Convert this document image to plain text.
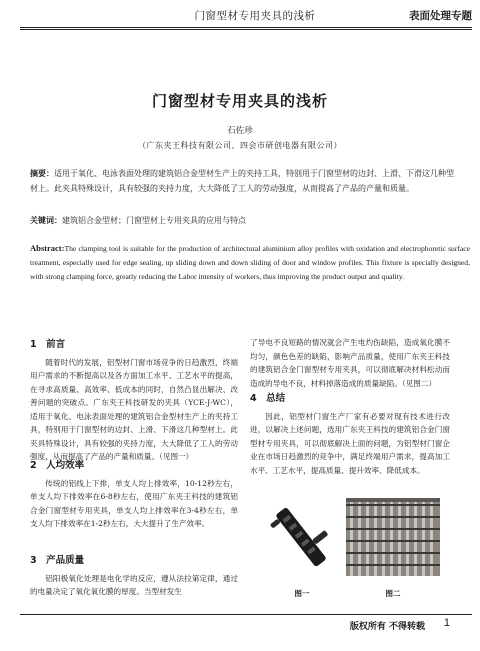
门窗型材专用夹具的浅析	表面处理专题
门窗型材专用夹具的浅析
石佐珍
（广东夹王科技有限公司、四会市研创电器有限公司）
摘要：适用于氧化、电泳表面处理的建筑铝合金型材生产上的夹持工具，特别用于门窗型材的边封、上滑、下滑这几种型材上。此夹具特殊设计，具有较强的夹持力度，大大降低了工人的劳动强度，从而提高了产品的产量和质量。
关键词：建筑铝合金型材；门窗型材上专用夹具的应用与特点
Abstract:The clamping tool is suitable for the production of architectural aluminium alloy profiles with oxidation and electrophoretic surface treatment, especially used for edge sealing, up sliding down and down sliding of door and window profiles. This fixture is specially designed, with strong clamping force, greatly reducing the Labor intensity of workers, thus improving the product output and quality.
1　前言

随着时代的发展，铝型材门窗市场竞争的日趋激烈，终端用户需求的不断提高以及各方面加工水平、工艺水平的提高，在寻求高质量、高效率、低成本的同时，自然凸显出解决、改善问题的突破点。广东夹王科技研发的夹具（YCE-J-WC），适用于氧化、电泳表面处理的建筑铝合金型材生产上的夹持工具，特别用于门窗型材的边封、上滑、下滑这几种型材上。此夹具特殊设计，具有较强的夹持力度，大大降低了工人的劳动强度，从而提高了产品的产量和质量。（见图一）

2　人均效率

传统的铝线上下排，单支人均上排效率，10-12秒左右，单支人均下排效率在6-8秒左右，使用广东夹王科技的建筑铝合金门窗型材专用夹具，单支人均上排效率在3-4秒左右，单支人均下排效率在1-2秒左右，大大提升了生产效率。

3　产品质量

铝阳极氧化处理是电化学的反应，遵从法拉第定律，通过的电量决定了氧化氧化膜的厚度。当型材发生

了导电不良短路的情况就会产生电灼伤缺陷，造成氧化膜不均匀，颜色色差的缺陷，影响产品质量，使用广东夹王科技的建筑铝合金门窗型材专用夹具，可以彻底解决材料松动而造成的导电不良，材料掉落造成的质量缺陷。（见图二）

4　总结

因此，铝型材门窗生产厂家有必要对现有技术进行改进，以解决上述问题，选用广东夹王科技的建筑铝合金门窗型材专用夹具，可以彻底解决上面的问题，为铝型材门窗企业在市场日趋激烈的竞争中，满足终端用户需求，提高加工水平、工艺水平，提高质量、提升效率、降低成本。

图一	图二
版权所有 不得转载	1
